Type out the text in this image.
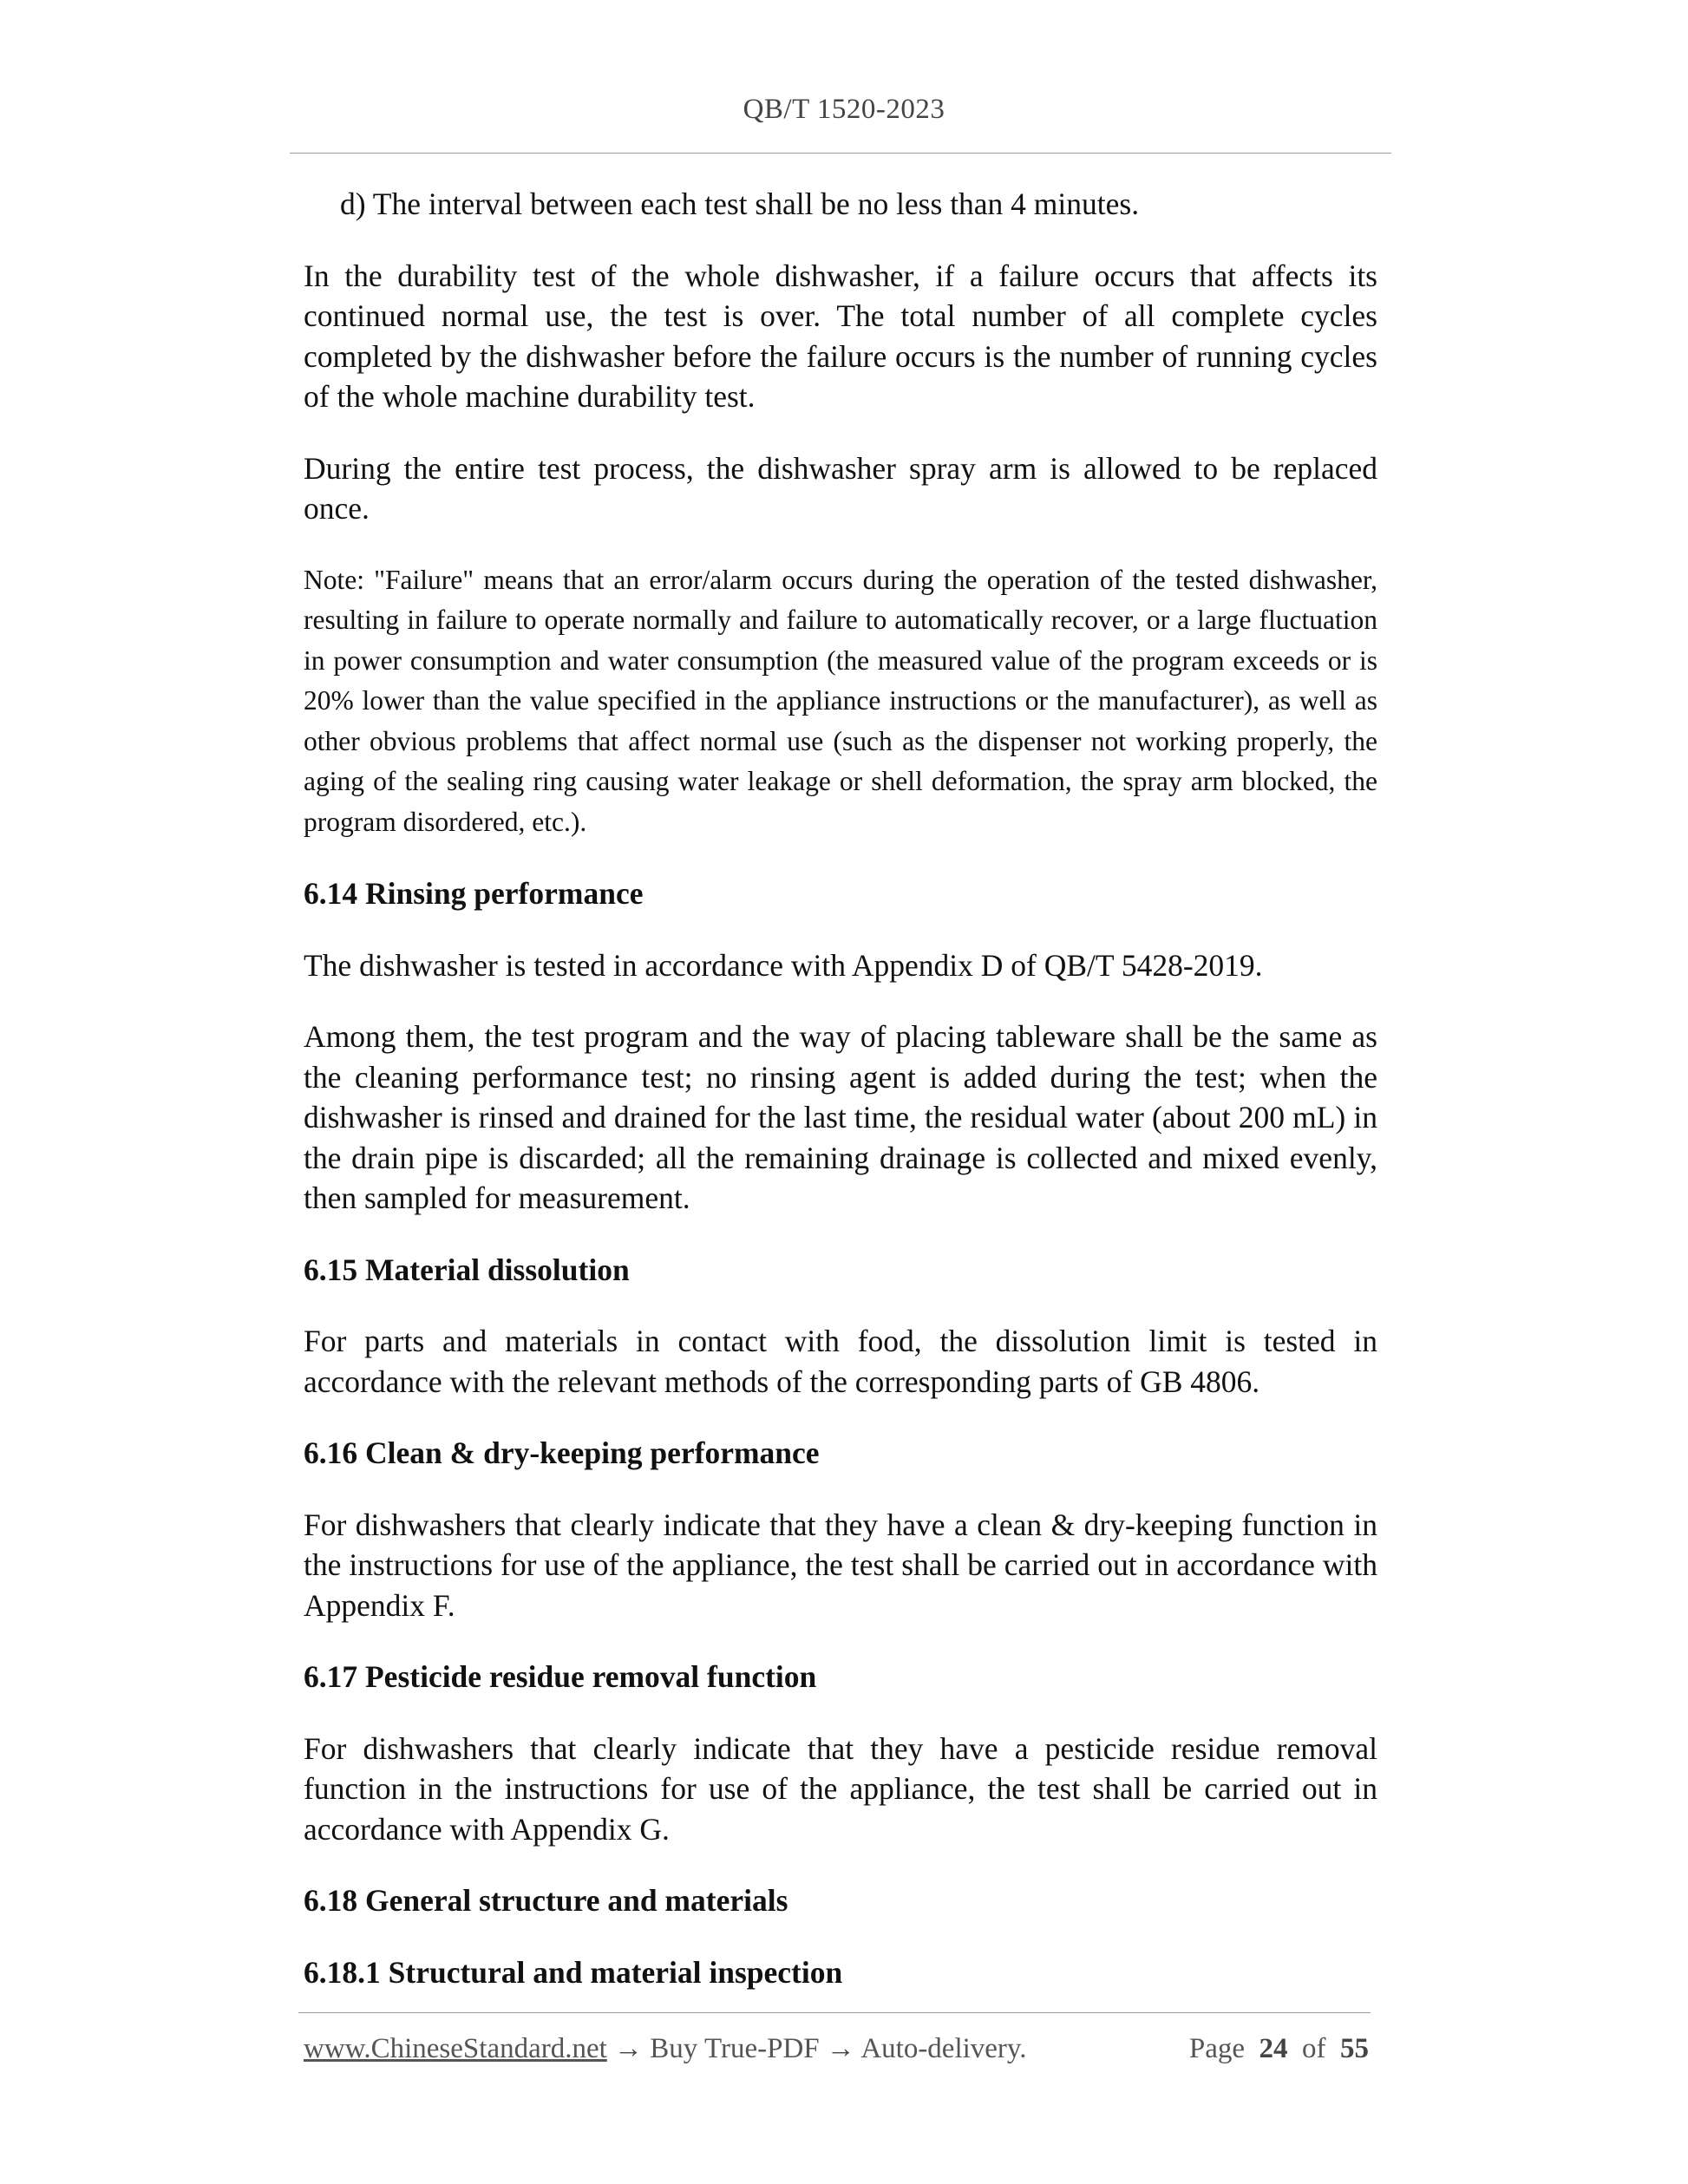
QB/T 1520-2023

d) The interval between each test shall be no less than 4 minutes.

In the durability test of the whole dishwasher, if a failure occurs that affects its continued normal use, the test is over. The total number of all complete cycles completed by the dishwasher before the failure occurs is the number of running cycles of the whole machine durability test.

During the entire test process, the dishwasher spray arm is allowed to be replaced once.

Note: "Failure" means that an error/alarm occurs during the operation of the tested dishwasher, resulting in failure to operate normally and failure to automatically recover, or a large fluctuation in power consumption and water consumption (the measured value of the program exceeds or is 20% lower than the value specified in the appliance instructions or the manufacturer), as well as other obvious problems that affect normal use (such as the dispenser not working properly, the aging of the sealing ring causing water leakage or shell deformation, the spray arm blocked, the program disordered, etc.).

6.14 Rinsing performance

The dishwasher is tested in accordance with Appendix D of QB/T 5428-2019.

Among them, the test program and the way of placing tableware shall be the same as the cleaning performance test; no rinsing agent is added during the test; when the dishwasher is rinsed and drained for the last time, the residual water (about 200 mL) in the drain pipe is discarded; all the remaining drainage is collected and mixed evenly, then sampled for measurement.

6.15 Material dissolution

For parts and materials in contact with food, the dissolution limit is tested in accordance with the relevant methods of the corresponding parts of GB 4806.

6.16 Clean & dry-keeping performance

For dishwashers that clearly indicate that they have a clean & dry-keeping function in the instructions for use of the appliance, the test shall be carried out in accordance with Appendix F.

6.17 Pesticide residue removal function

For dishwashers that clearly indicate that they have a pesticide residue removal function in the instructions for use of the appliance, the test shall be carried out in accordance with Appendix G.

6.18 General structure and materials
6.18.1 Structural and material inspection
www.ChineseStandard.net → Buy True-PDF → Auto-delivery.	Page 24 of 55
